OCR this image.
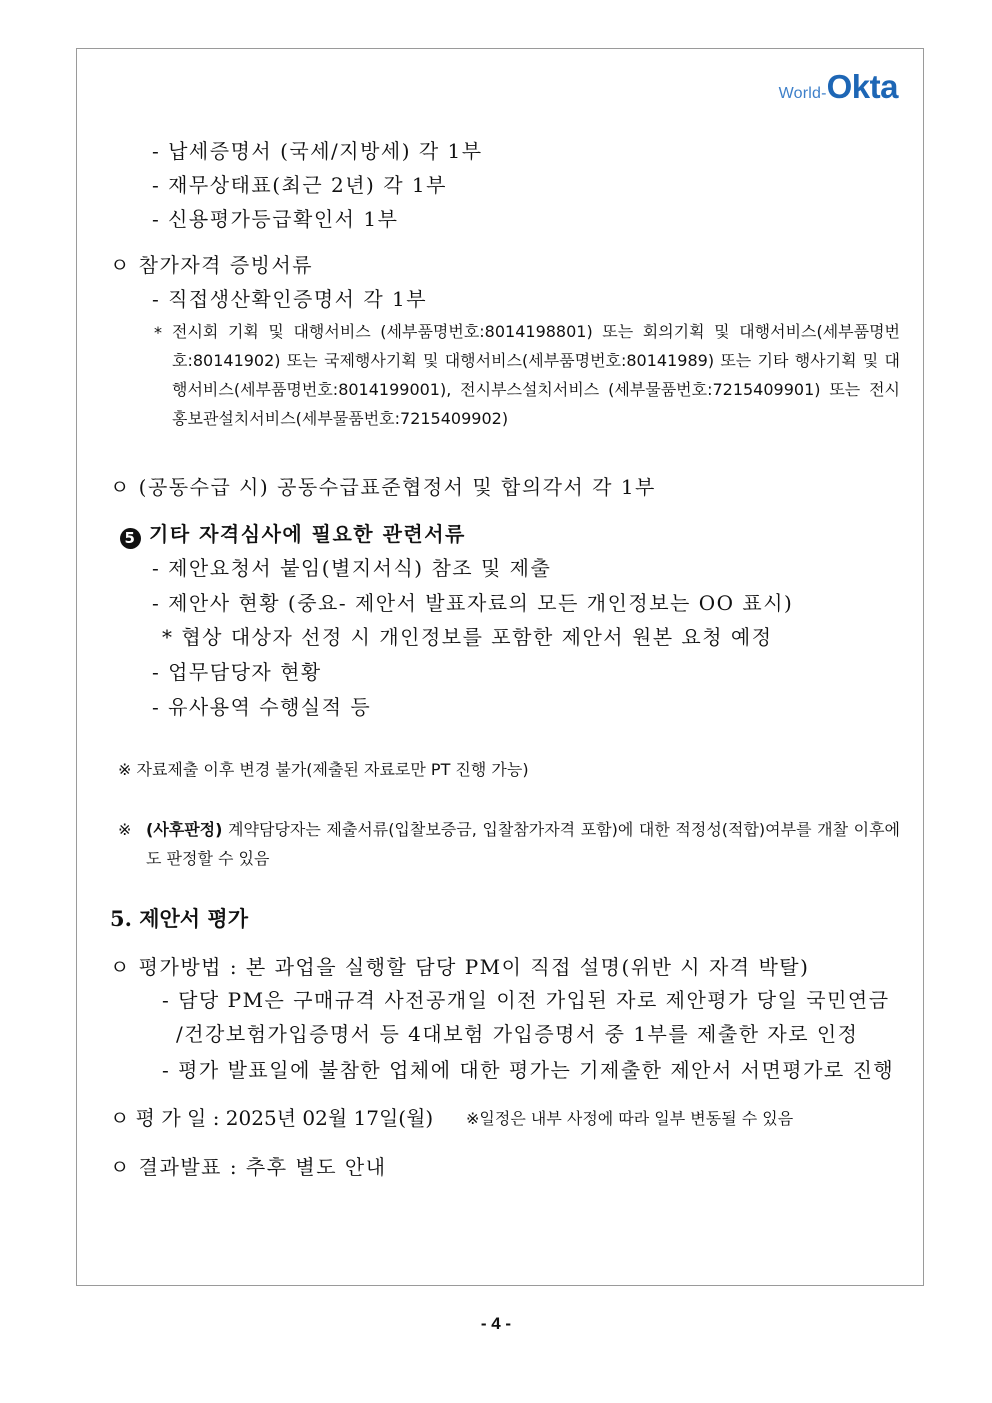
World- Okta
- 납세증명서 (국세/지방세) 각 1부
- 재무상태표(최근 2년) 각 1부
- 신용평가등급확인서 1부
ㅇ 참가자격 증빙서류
- 직접생산확인증명서 각 1부
* 전시회 기획 및 대행서비스 (세부품명번호:8014198801) 또는 회의기획 및 대행서비스(세부품명번호:80141902) 또는 국제행사기획 및 대행서비스(세부품명번호:80141989) 또는 기타 행사기획 및 대행서비스(세부품명번호:8014199001), 전시부스설치서비스 (세부물품번호:7215409901) 또는 전시홍보관설치서비스(세부물품번호:7215409902)
ㅇ (공동수급 시) 공동수급표준협정서 및 합의각서 각 1부
5 기타 자격심사에 필요한 관련서류
- 제안요청서 붙임(별지서식) 참조 및 제출
- 제안사 현황 (중요- 제안서 발표자료의 모든 개인정보는 OO 표시)
* 협상 대상자 선정 시 개인정보를 포함한 제안서 원본 요청 예정
- 업무담당자 현황
- 유사용역 수행실적 등
※ 자료제출 이후 변경 불가(제출된 자료로만 PT 진행 가능)
※ (사후판정) 계약담당자는 제출서류(입찰보증금, 입찰참가자격 포함)에 대한 적정성(적합)여부를 개찰 이후에도 판정할 수 있음
5. 제안서 평가
ㅇ 평가방법 : 본 과업을 실행할 담당 PM이 직접 설명(위반 시 자격 박탈)
- 담당 PM은 구매규격 사전공개일 이전 가입된 자로 제안평가 당일 국민연금
/건강보험가입증명서 등 4대보험 가입증명서 중 1부를 제출한 자로 인정
- 평가 발표일에 불참한 업체에 대한 평가는 기제출한 제안서 서면평가로 진행
ㅇ 평 가 일 : 2025년 02월 17일(월) ※일정은 내부 사정에 따라 일부 변동될 수 있음
ㅇ 결과발표 : 추후 별도 안내
- 4 -
